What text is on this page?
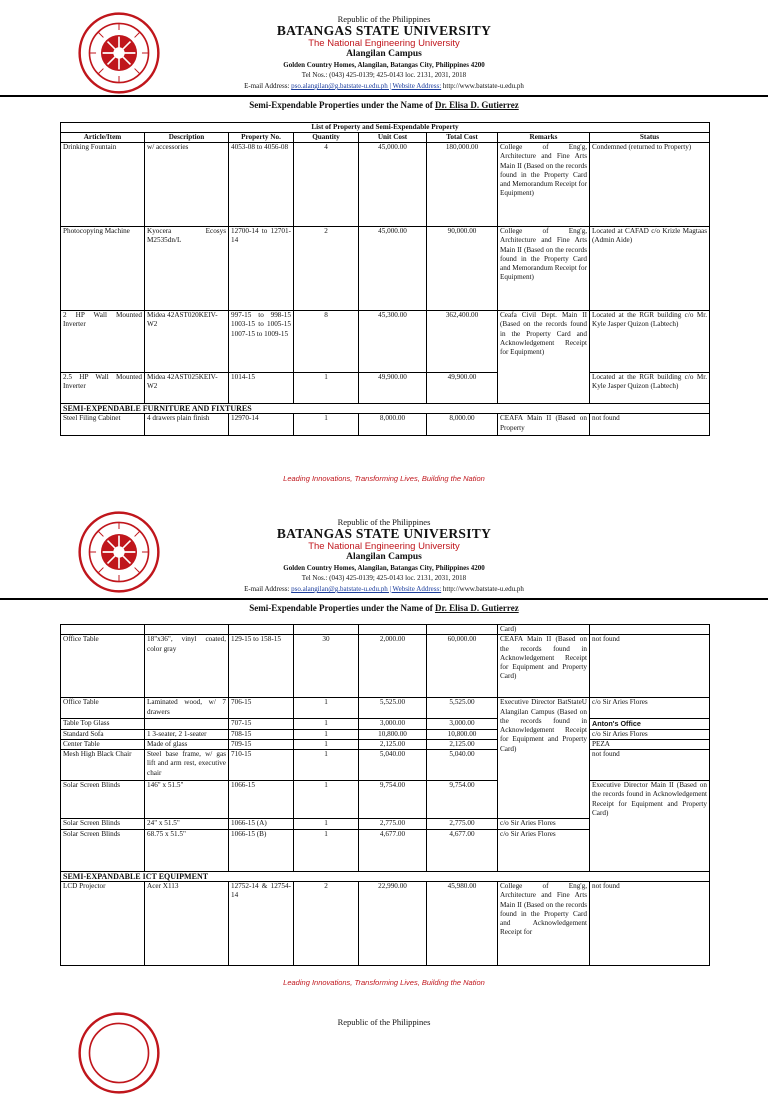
Republic of the Philippines
BATANGAS STATE UNIVERSITY
The National Engineering University
Alangilan Campus
Golden Country Homes, Alangilan, Batangas City, Philippines 4200
Tel Nos.: (043) 425-0139; 425-0143 loc. 2131, 2031, 2018
E-mail Address: pso.alangilan@g.batstate-u.edu.ph | Website Address: http://www.batstate-u.edu.ph
Semi-Expendable Properties under the Name of Dr. Elisa D. Gutierrez
List of Property and Semi-Expendable Property							
Article/Item	Description	Property No.	Quantity	Unit Cost	Total Cost	Remarks	Status
Drinking Fountain	w/ accessories	4053-08 to 4056-08	4	45,000.00	180,000.00	College of Eng'g, Architecture and Fine Arts Main II (Based on the records found in the Property Card and Memorandum Receipt for Equipment)	Condemned (returned to Property)
Photocopying Machine	Kyocera Ecosys M2535dn/L	12700-14 to 12701-14	2	45,000.00	90,000.00	College of Eng'g, Architecture and Fine Arts Main II (Based on the records found in the Property Card and Memorandum Receipt for Equipment)	Located at CAFAD c/o Krizle Magtaas (Admin Aide)
2 HP Wall Mounted Inverter	Midea 42AST020KEIV-W2	997-15 to 998-15 1003-15 to 1005-15 1007-15 to 1009-15	8	45,300.00	362,400.00	Ceafa Civil Dept. Main II (Based on the records found in the Property Card and Acknowledgement Receipt for Equipment)	Located at the RGR building c/o Mr. Kyle Jasper Quizon (Labtech)
2.5 HP Wall Mounted Inverter	Midea 42AST025KEIV-W2	1014-15	1	49,900.00	49,900.00		Located at the RGR building c/o Mr. Kyle Jasper Quizon (Labtech)
SEMI-EXPENDABLE FURNITURE AND FIXTURES							
Steel Filing Cabinet	4 drawers plain finish	12970-14	1	8,000.00	8,000.00	CEAFA Main II (Based on Property	not found
Leading Innovations, Transforming Lives, Building the Nation
Republic of the Philippines
BATANGAS STATE UNIVERSITY
The National Engineering University
Alangilan Campus
Golden Country Homes, Alangilan, Batangas City, Philippines 4200
Tel Nos.: (043) 425-0139; 425-0143 loc. 2131, 2031, 2018
E-mail Address: pso.alangilan@g.batstate-u.edu.ph | Website Address: http://www.batstate-u.edu.ph
Semi-Expendable Properties under the Name of Dr. Elisa D. Gutierrez
						Card)		
Office Table	18"x36", vinyl coated, color gray	129-15 to 158-15	30	2,000.00	60,000.00	CEAFA Main II (Based on the records found in Acknowledgement Receipt for Equipment and Property Card)	not found	
Office Table	Laminated wood, w/ 7 drawers	706-15	1	5,525.00	5,525.00	Executive Director BatStateU Alangilan Campus (Based on the records found in Acknowledgement Receipt for Equipment and Property Card)	c/o Sir Aries Flores	
Table Top Glass		707-15	1	3,000.00	3,000.00		Anton's Office	
Standard Sofa	1 3-seater, 2 1-seater	708-15	1	10,800.00	10,800.00		c/o Sir Aries Flores	
Center Table	Made of glass	709-15	1	2,125.00	2,125.00		PEZA	
Mesh High Black Chair	Steel base frame, w/ gas lift and arm rest, executive chair	710-15	1	5,040.00	5,040.00		not found	
Solar Screen Blinds	146" x 51.5"	1066-15	1	9,754.00	9,754.00		Executive Director Main II (Based on the records found in Acknowledgement Receipt for Equipment and Property Card)	
Solar Screen Blinds	24" x 51.5"	1066-15 (A)	1	2,775.00	2,775.00	c/o Sir Aries Flores		
Solar Screen Blinds	68.75 x 51.5"	1066-15 (B)	1	4,677.00	4,677.00	c/o Sir Aries Flores		
SEMI-EXPANDABLE ICT EQUIPMENT								
LCD Projector	Acer X113	12752-14 & 12754-14	2	22,990.00	45,980.00	College of Eng'g, Architecture and Fine Arts Main II (Based on the records found in the Property Card and Acknowledgement Receipt for	not found	
Leading Innovations, Transforming Lives, Building the Nation
Republic of the Philippines
